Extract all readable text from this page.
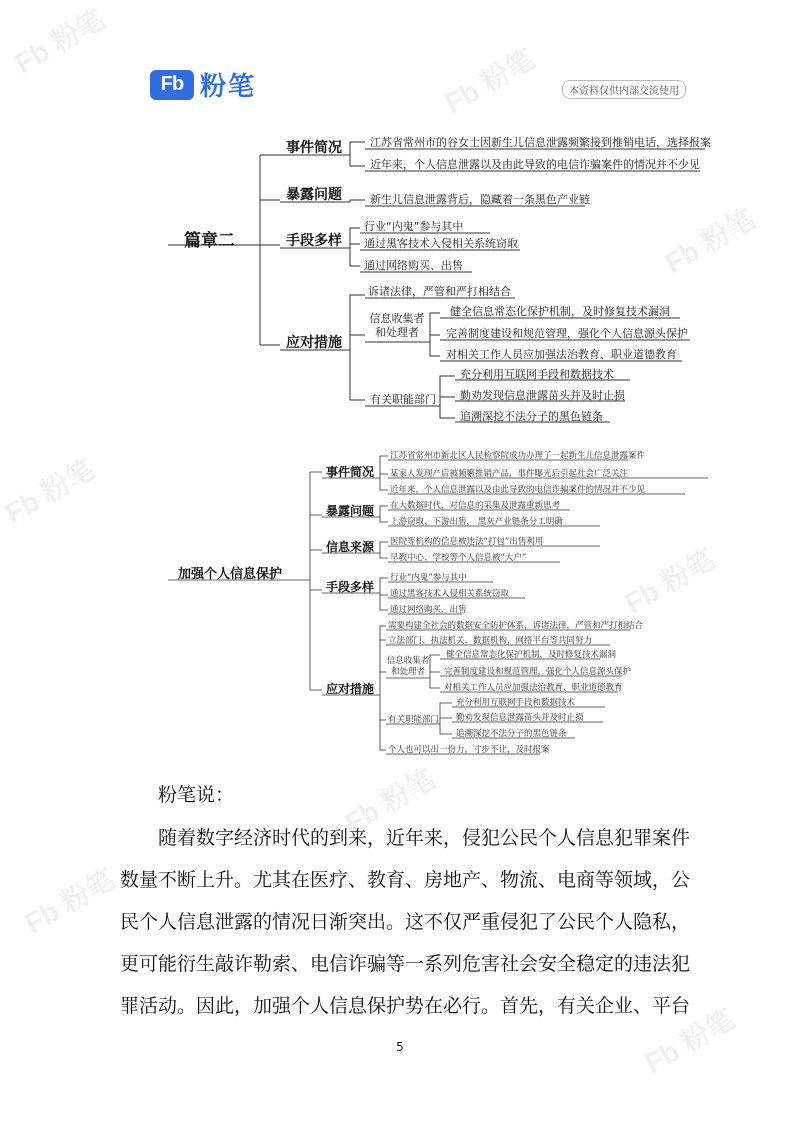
Fb 粉笔
Fb 粉笔
Fb 粉笔
Fb 粉笔
Fb 粉笔
Fb 粉笔
Fb 粉笔
Fb 粉笔
Fb 粉笔	本资料仅供内部交流使用
篇章二
事件简况
暴露问题
手段多样
应对措施
江苏省常州市的谷女士因新生儿信息泄露频繁接到推销电话，选择报案
近年来，个人信息泄露以及由此导致的电信诈骗案件的情况并不少见
新生儿信息泄露背后，隐藏着一条黑色产业链
行业“内鬼”参与其中
通过黑客技术入侵相关系统窃取
通过网络购买、出售
诉诸法律，严管和严打相结合
信息收集者
和处理者
健全信息常态化保护机制，及时修复技术漏洞
完善制度建设和规范管理，强化个人信息源头保护
对相关工作人员应加强法治教育、职业道德教育
有关职能部门
充分利用互联网手段和数据技术
勤劝发现信息泄露苗头并及时止损
追溯深挖不法分子的黑色链条
加强个人信息保护
事件简况
暴露问题
信息来源
手段多样
应对措施
江苏省常州市新北区人民检察院成功办理了一起新生儿信息泄露案件
某家人发现产后被频繁推销产品，事件曝光后引起社会广泛关注
近年来，个人信息泄露以及由此导致的电信诈骗案件的情况并不少见
在大数据时代，对信息的采集及泄露重新思考
上游窃取、下游出售， 黑灰产业链条分工明确
医院等机构的信息被违法“打包”出售利用
早教中心、学校等个人信息被“大户”
行业“内鬼”参与其中
通过黑客技术入侵相关系统窃取
通过网络购买、出售
需要构建全社会的数据安全防护体系，诉诸法律，严管和严打相结合
立法部门、执法机关、数据机构，网络平台等共同努力
信息收集者
和处理者
健全信息常态化保护机制，及时修复技术漏洞
完善制度建设和规范管理，强化个人信息源头保护
对相关工作人员应加强法治教育、职业道德教育
有关职能部门
充分利用互联网手段和数据技术
勤劝发现信息泄露苗头并及时止损
追溯深挖不法分子的黑色链条
个人也可以出一份力，寸步不让，及时报案
粉笔说：
随着数字经济时代的到来，近年来，侵犯公民个人信息犯罪案件
数量不断上升。尤其在医疗、教育、房地产、物流、电商等领域，公
民个人信息泄露的情况日渐突出。这不仅严重侵犯了公民个人隐私，
更可能衍生敲诈勒索、电信诈骗等一系列危害社会安全稳定的违法犯
罪活动。因此，加强个人信息保护势在必行。首先，有关企业、平台
5
